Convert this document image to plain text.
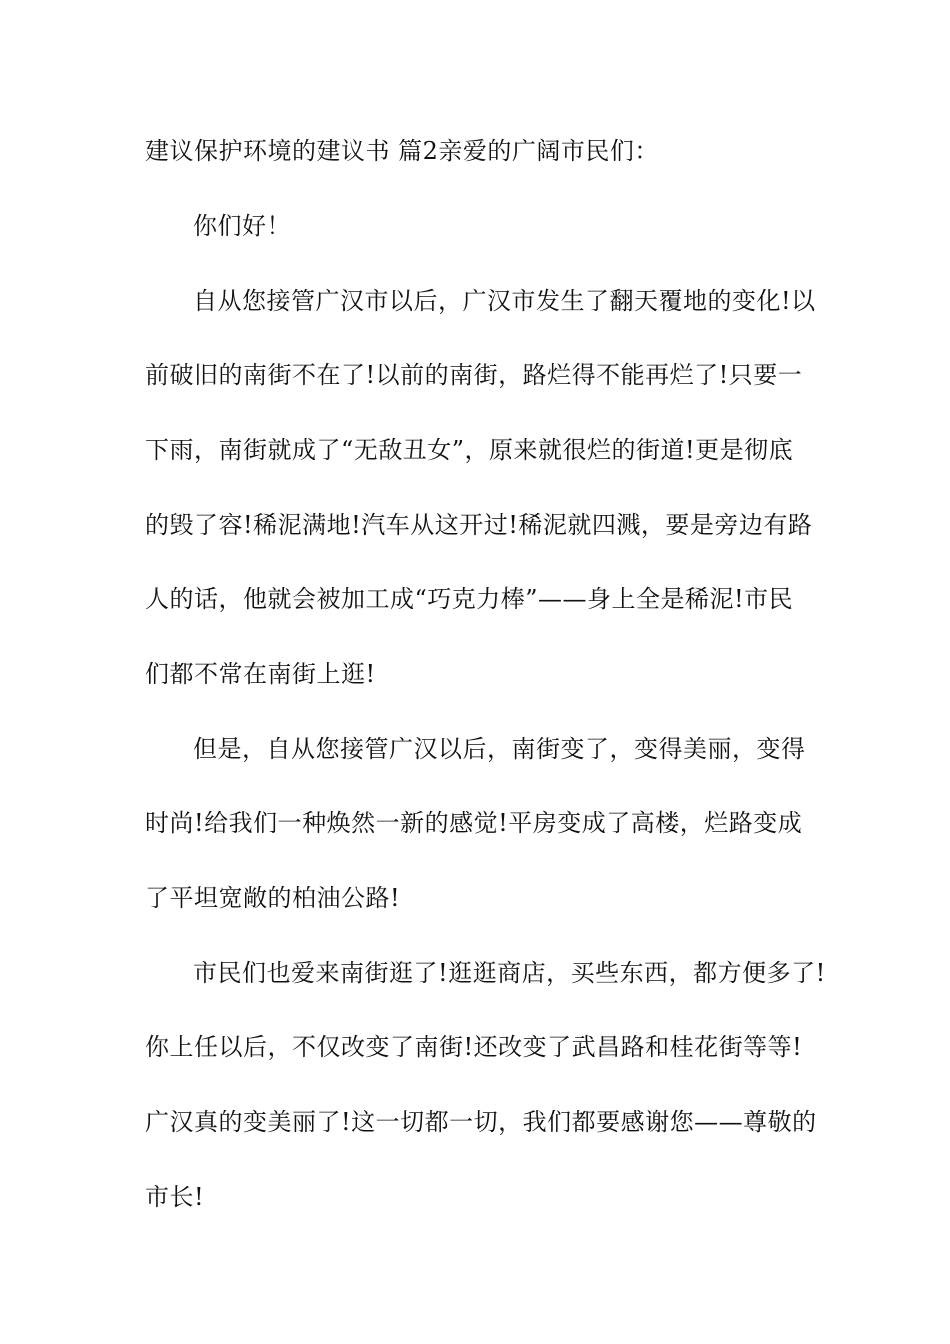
建议保护环境的建议书 篇2亲爱的广阔市民们：
你们好！
自从您接管广汉市以后，广汉市发生了翻天覆地的变化!以
前破旧的南街不在了!以前的南街，路烂得不能再烂了!只要一
下雨，南街就成了“无敌丑女”，原来就很烂的街道!更是彻底
的毁了容!稀泥满地!汽车从这开过!稀泥就四溅，要是旁边有路
人的话，他就会被加工成“巧克力棒”——身上全是稀泥!市民
们都不常在南街上逛!
但是，自从您接管广汉以后，南街变了，变得美丽，变得
时尚!给我们一种焕然一新的感觉!平房变成了高楼，烂路变成
了平坦宽敞的柏油公路!
市民们也爱来南街逛了!逛逛商店，买些东西，都方便多了!
你上任以后，不仅改变了南街!还改变了武昌路和桂花街等等!
广汉真的变美丽了!这一切都一切，我们都要感谢您——尊敬的
市长!
